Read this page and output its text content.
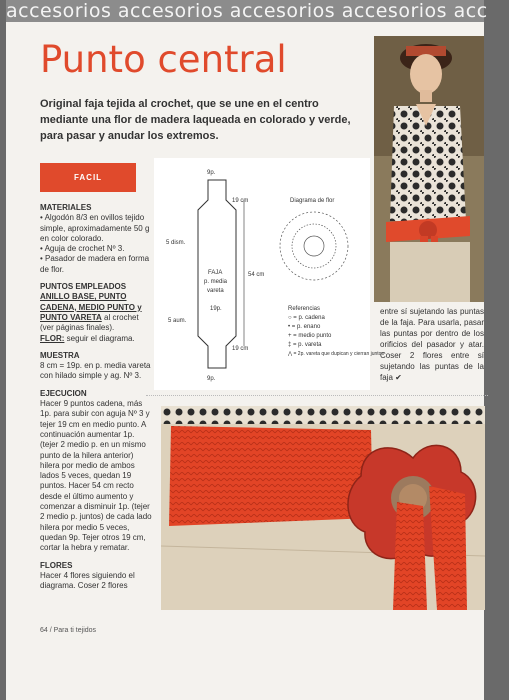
accesorios accesorios accesorios accesorios acc
Punto central
Original faja tejida al crochet, que se une en el centro mediante una flor de madera laqueada en colorado y verde, para pasar y anudar los extremos.
FACIL
MATERIALES

• Algodón 8/3 en ovillos tejido simple, aproximadamente 50 g en color colorado.

• Aguja de crochet Nº 3.

• Pasador de madera en forma de flor.

PUNTOS EMPLEADOS

ANILLO BASE, PUNTO CADENA, MEDIO PUNTO y PUNTO VARETA al crochet (ver páginas finales).

FLOR: seguir el diagrama.

MUESTRA

8 cm = 19p. en p. media vareta con hilado simple y ag. Nº 3.

EJECUCION

Hacer 9 puntos cadena, más 1p. para subir con aguja Nº 3 y tejer 19 cm en medio punto. A continuación aumentar 1p. (tejer 2 medio p. en un mismo punto de la hilera anterior) hilera por medio de ambos lados 5 veces, quedan 19 puntos. Hacer 54 cm recto desde el último aumento y comenzar a disminuir 1p. (tejer 2 medio p. juntos) de cada lado hilera por medio 5 veces, quedan 9p. Tejer otros 19 cm, cortar la hebra y rematar.

FLORES

Hacer 4 flores siguiendo el diagrama. Coser 2 flores

64 / Para ti tejidos
9p.
9p.
19 cm
54 cm
19 cm
5 dism.
5 aum.
FAJA
p. media
vareta
19p.
Diagrama de flor
Referencias
○ = p. cadena
• = p. enano
+ = medio punto
‡ = p. vareta
⋀ = 2p. vareta que dupican y cierran juntos
entre sí sujetando las puntas de la faja. Para usarla, pasar las puntas por dentro de los orificios del pasador y atar. Coser 2 flores entre sí sujetando las puntas de la faja ✔
